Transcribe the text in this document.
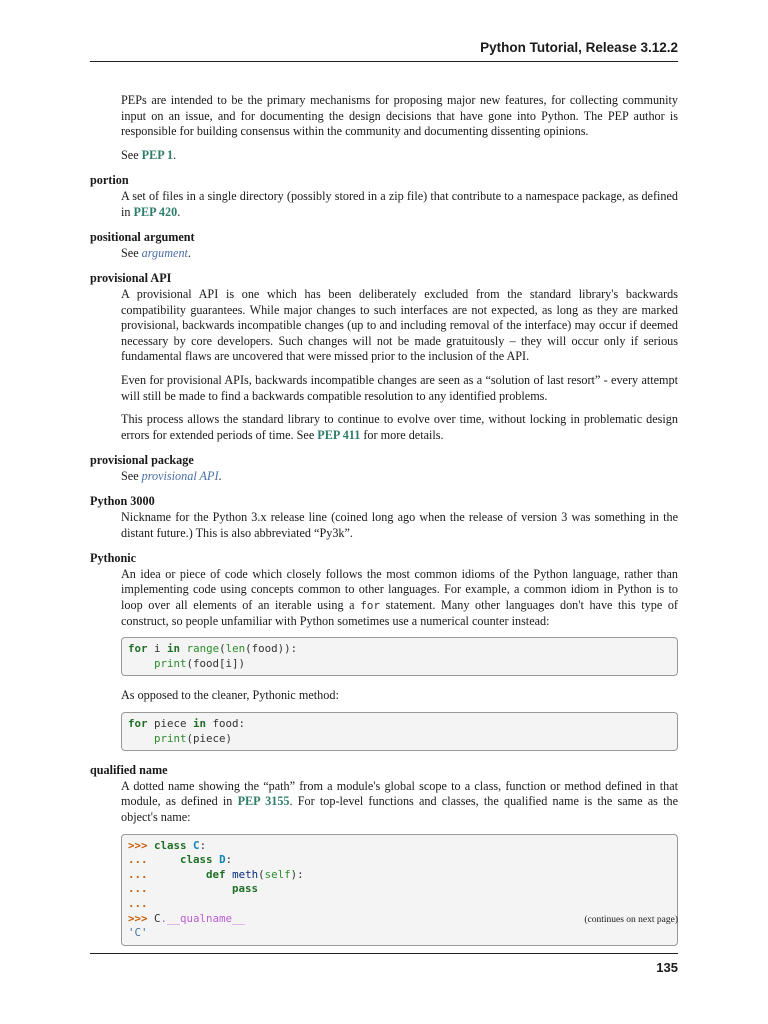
Python Tutorial, Release 3.12.2

PEPs are intended to be the primary mechanisms for proposing major new features, for collecting community input on an issue, and for documenting the design decisions that have gone into Python. The PEP author is responsible for building consensus within the community and documenting dissenting opinions.

See PEP 1.

portion

A set of files in a single directory (possibly stored in a zip file) that contribute to a namespace package, as defined in PEP 420.

positional argument

See argument.

provisional API

A provisional API is one which has been deliberately excluded from the standard library's backwards compatibility guarantees. While major changes to such interfaces are not expected, as long as they are marked provisional, backwards incompatible changes (up to and including removal of the interface) may occur if deemed necessary by core developers. Such changes will not be made gratuitously – they will occur only if serious fundamental flaws are uncovered that were missed prior to the inclusion of the API.

Even for provisional APIs, backwards incompatible changes are seen as a “solution of last resort” - every attempt will still be made to find a backwards compatible resolution to any identified problems.

This process allows the standard library to continue to evolve over time, without locking in problematic design errors for extended periods of time. See PEP 411 for more details.

provisional package

See provisional API.

Python 3000

Nickname for the Python 3.x release line (coined long ago when the release of version 3 was something in the distant future.) This is also abbreviated “Py3k”.

Pythonic

An idea or piece of code which closely follows the most common idioms of the Python language, rather than implementing code using concepts common to other languages. For example, a common idiom in Python is to loop over all elements of an iterable using a for statement. Many other languages don't have this type of construct, so people unfamiliar with Python sometimes use a numerical counter instead:

for i in range(len(food)):
print(food[i])

As opposed to the cleaner, Pythonic method:

for piece in food:
print(piece)
qualified name

A dotted name showing the “path” from a module's global scope to a class, function or method defined in that module, as defined in PEP 3155. For top-level functions and classes, the qualified name is the same as the object's name:

>>> class C:
...	class D:
...	def meth(self):
...	pass
...
>>> C.__qualname__
'C'
(continues on next page)
135
